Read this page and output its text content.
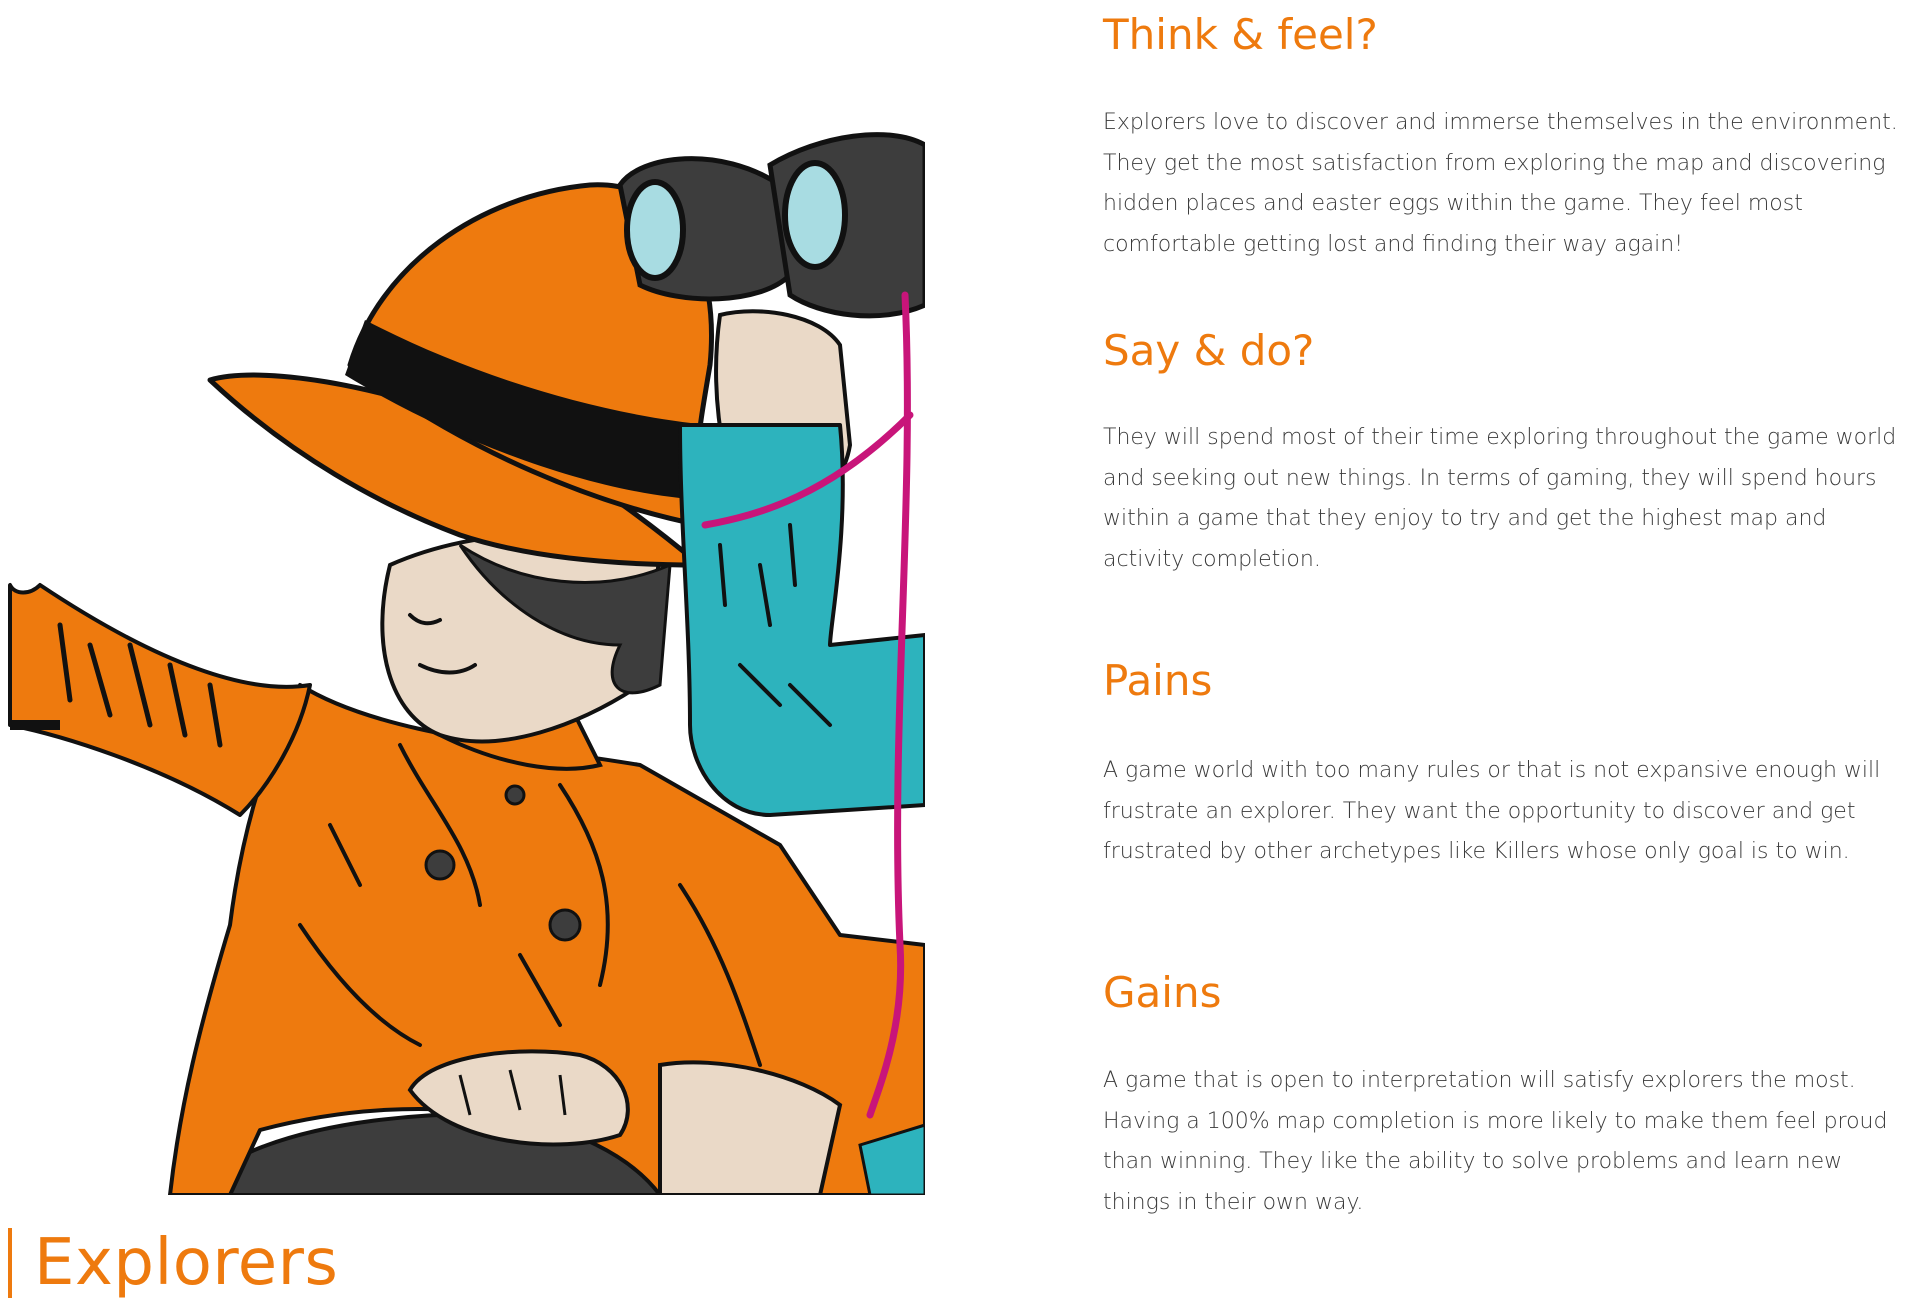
Explorers
Think & feel?

Explorers love to discover and immerse themselves in the environment. They get the most satisfaction from exploring the map and discovering hidden places and easter eggs within the game. They feel most comfortable getting lost and finding their way again!

Say & do?

They will spend most of their time exploring throughout the game world and seeking out new things. In terms of gaming, they will spend hours within a game that they enjoy to try and get the highest map and activity completion.

Pains

A game world with too many rules or that is not expansive enough will frustrate an explorer. They want the opportunity to discover and get frustrated by other archetypes like Killers whose only goal is to win.

Gains

A game that is open to interpretation will satisfy explorers the most. Having a 100% map completion is more likely to make them feel proud than winning. They like the ability to solve problems and learn new things in their own way.
